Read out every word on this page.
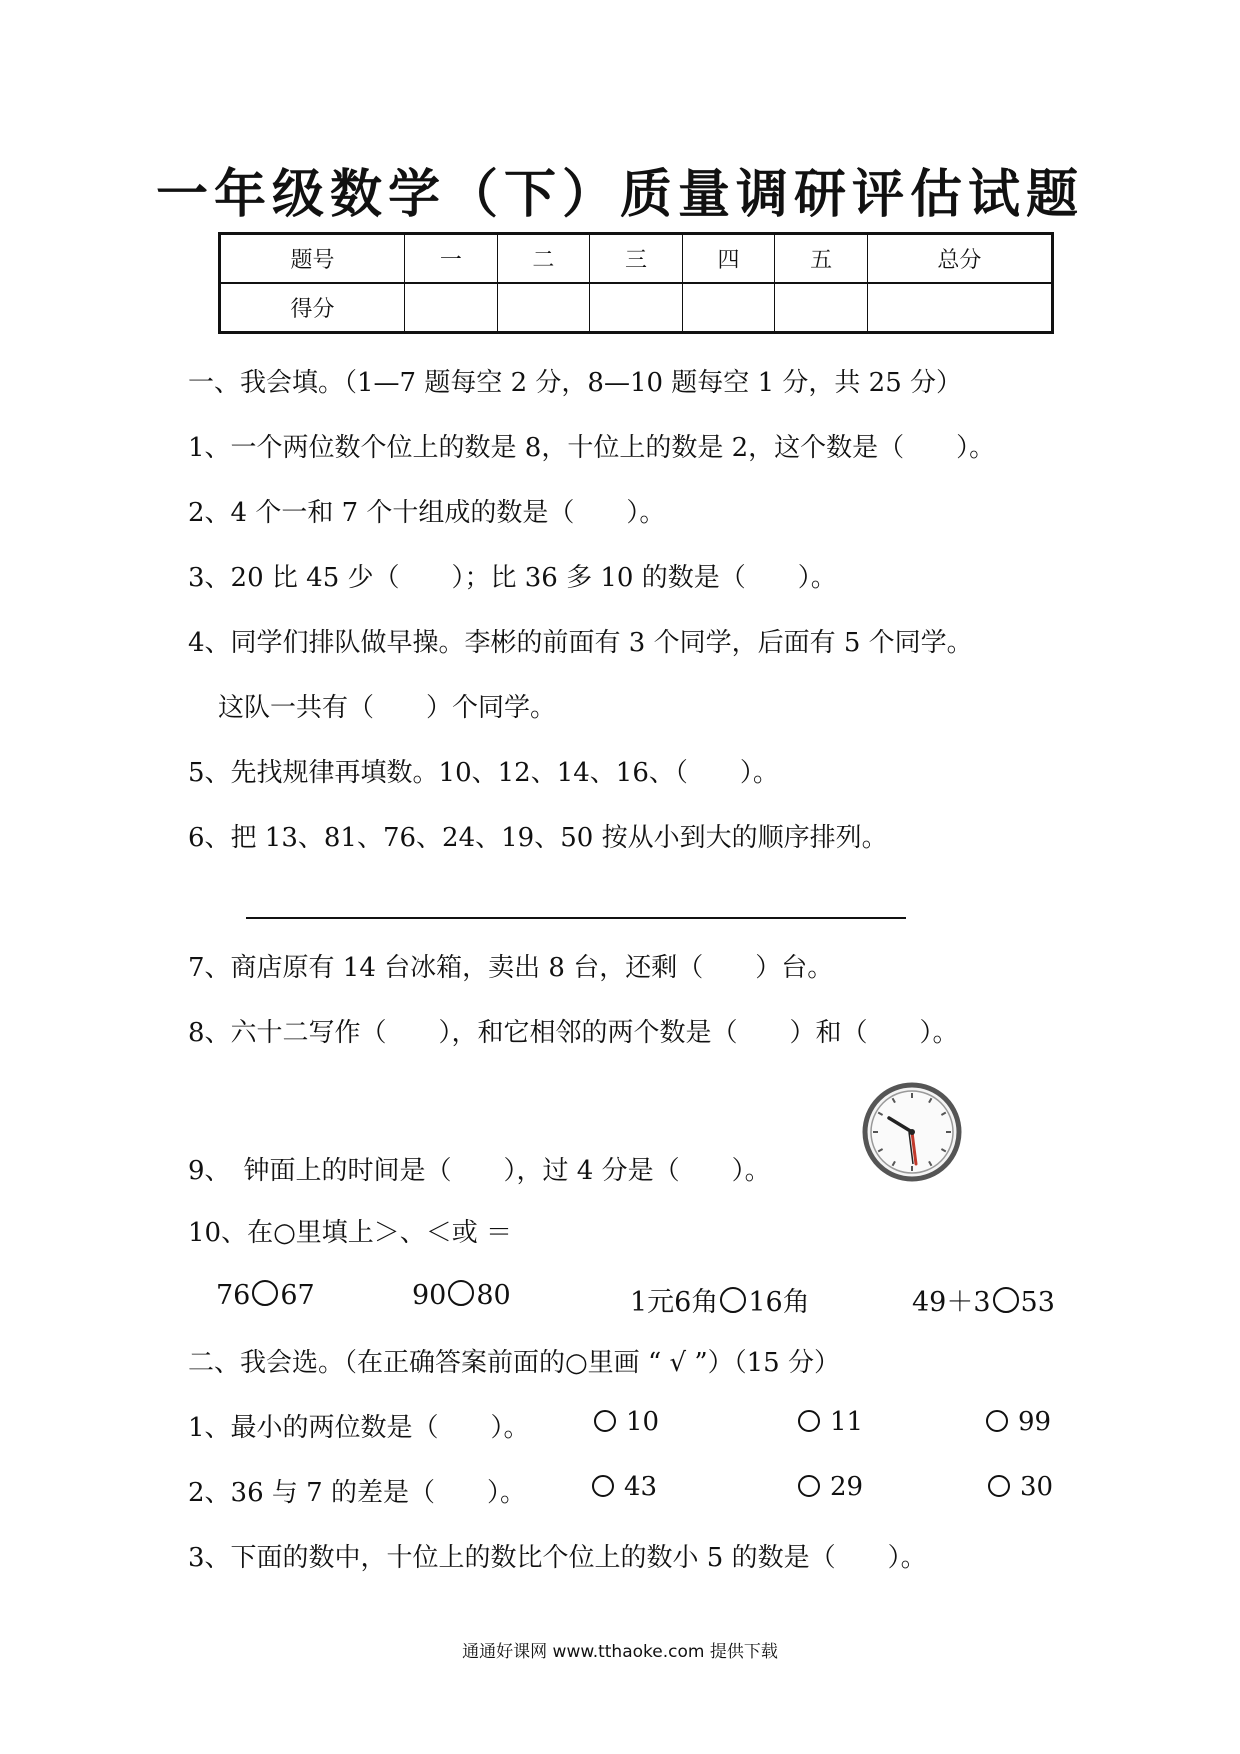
一年级数学（下）质量调研评估试题
题号	一	二	三	四	五	总分
得分						
一、我会填。（1—7 题每空 2 分，8—10 题每空 1 分，共 25 分）
1、一个两位数个位上的数是 8，十位上的数是 2，这个数是（　　）。
2、4 个一和 7 个十组成的数是（　　）。
3、20 比 45 少（　　）；比 36 多 10 的数是（　　）。
4、同学们排队做早操。李彬的前面有 3 个同学，后面有 5 个同学。
这队一共有（　　）个同学。
5、先找规律再填数。10、12、14、16、（　　）。
6、把 13、81、76、24、19、50 按从小到大的顺序排列。
7、商店原有 14 台冰箱，卖出 8 台，还剩（　　）台。
8、六十二写作（　　），和它相邻的两个数是（　　）和（　　）。
9、　钟面上的时间是（　　），过 4 分是（　　）。
10、在○里填上＞、＜或 ＝
76 67	90 80	1元6角 16角	49＋3 53
二、我会选。（在正确答案前面的○里画 “ √ ”）（15 分）
1、最小的两位数是（　　）。	10	11	99
2、36 与 7 的差是（　　）。	43	29	30
3、下面的数中，十位上的数比个位上的数小 5 的数是（　　）。
通通好课网 www.tthaoke.com 提供下载
